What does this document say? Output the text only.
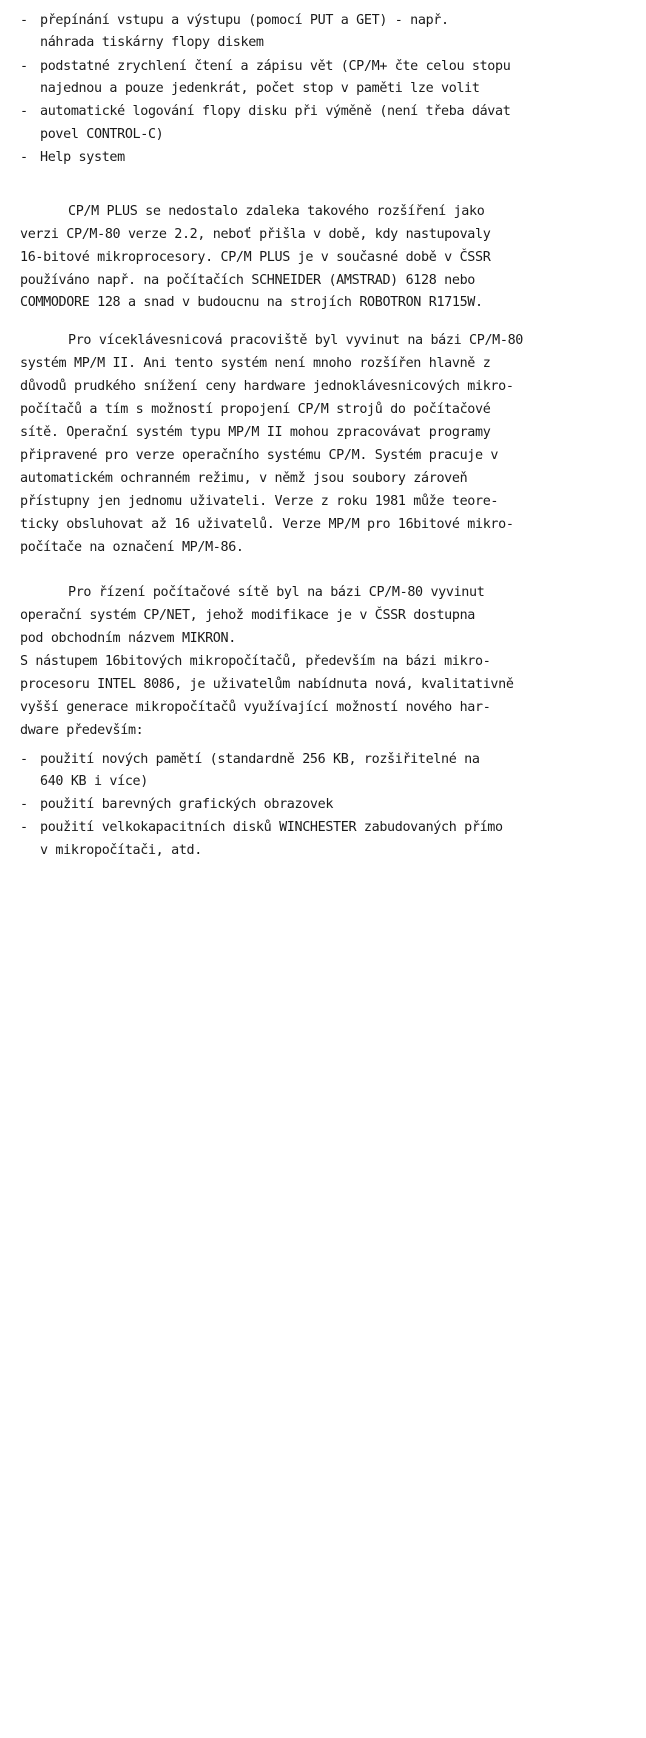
-

přepínání vstupu a výstupu (pomocí PUT a GET) - např.

náhrada tiskárny flopy diskem

-

podstatné zrychlení čtení a zápisu vět (CP/M+ čte celou stopu

najednou a pouze jedenkrát, počet stop v paměti lze volit

-

automatické logování flopy disku při výměně (není třeba dávat

povel CONTROL-C)

-

Help system

CP/M PLUS se nedostalo zdaleka takového rozšíření jako

verzi CP/M-80 verze 2.2, neboť přišla v době, kdy nastupovaly

16-bitové mikroprocesory. CP/M PLUS je v současné době v ČSSR

používáno např. na počítačích SCHNEIDER (AMSTRAD) 6128 nebo

COMMODORE 128 a snad v budoucnu na strojích ROBOTRON R1715W.

Pro víceklávesnicová pracoviště byl vyvinut na bázi CP/M-80

systém MP/M II. Ani tento systém není mnoho rozšířen hlavně z

důvodů prudkého snížení ceny hardware jednoklávesnicových mikro-

počítačů a tím s možností propojení CP/M strojů do počítačové

sítě. Operační systém typu MP/M II mohou zpracovávat programy

připravené pro verze operačního systému CP/M. Systém pracuje v

automatickém ochranném režimu, v němž jsou soubory zároveň

přístupny jen jednomu uživateli. Verze z roku 1981 může teore-

ticky obsluhovat až 16 uživatelů. Verze MP/M pro 16bitové mikro-

počítače na označení MP/M-86.

Pro řízení počítačové sítě byl na bázi CP/M-80 vyvinut

operační systém CP/NET, jehož modifikace je v ČSSR dostupna

pod obchodním názvem MIKRON.

S nástupem 16bitových mikropočítačů, především na bázi mikro-

procesoru INTEL 8086, je uživatelům nabídnuta nová, kvalitativně

vyšší generace mikropočítačů využívající možností nového har-

dware především:

-

použití nových pamětí (standardně 256 KB, rozšiřitelné na

640 KB i více)

-

použití barevných grafických obrazovek

-

použití velkokapacitních disků WINCHESTER zabudovaných přímo

v mikropočítači, atd.
